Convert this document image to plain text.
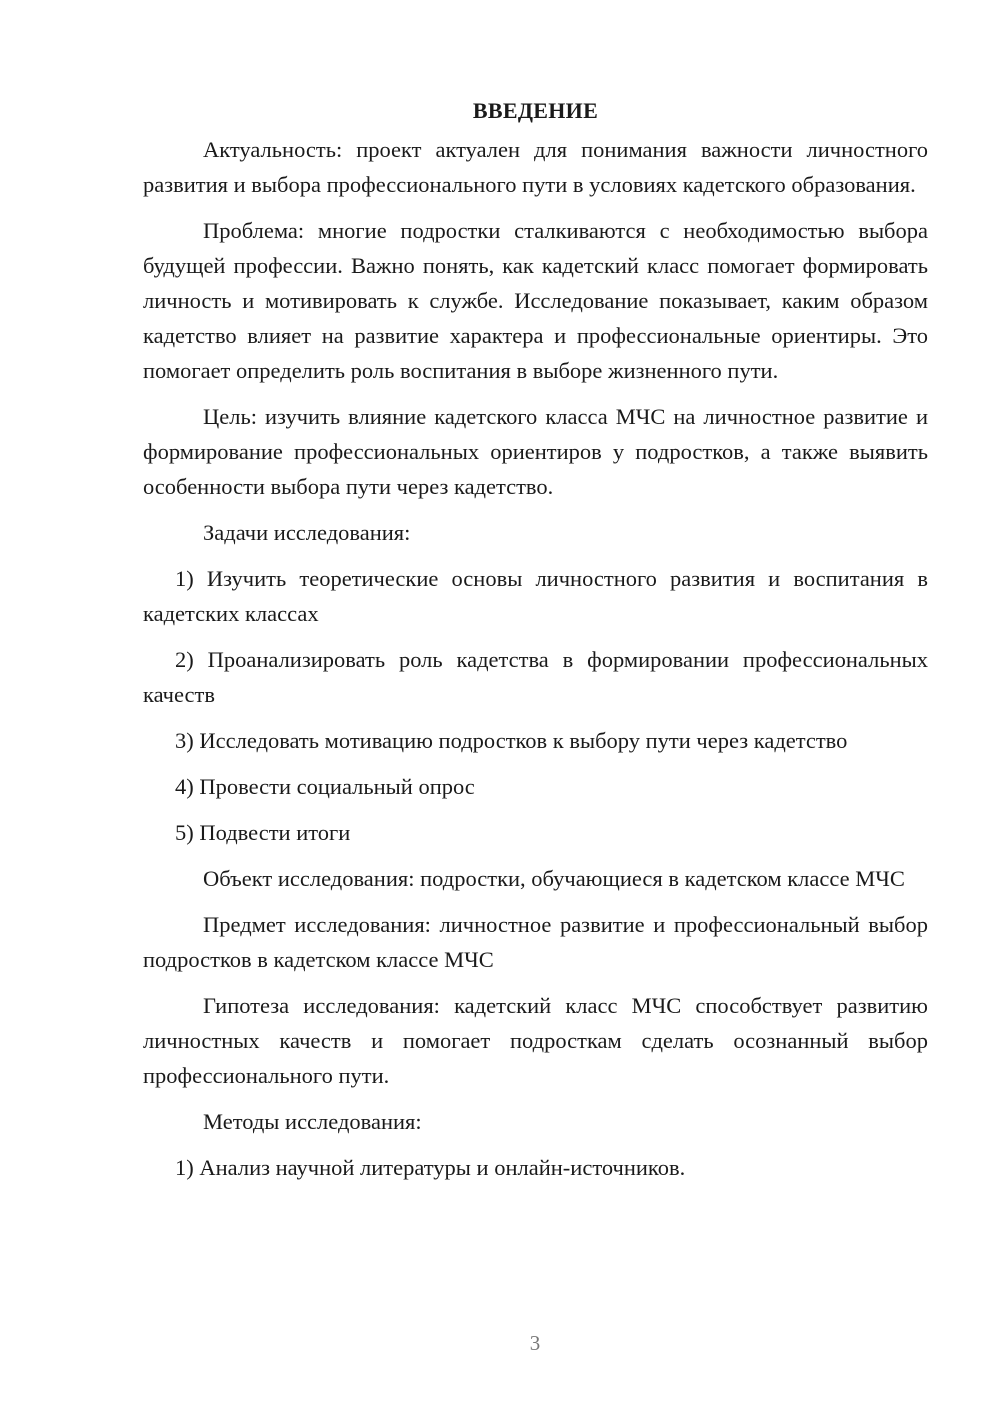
ВВЕДЕНИЕ

Актуальность: проект актуален для понимания важности личностного развития и выбора профессионального пути в условиях кадетского образования.

Проблема: многие подростки сталкиваются с необходимостью выбора будущей профессии. Важно понять, как кадетский класс помогает формировать личность и мотивировать к службе. Исследование показывает, каким образом кадетство влияет на развитие характера и профессиональные ориентиры. Это помогает определить роль воспитания в выборе жизненного пути.

Цель: изучить влияние кадетского класса МЧС на личностное развитие и формирование профессиональных ориентиров у подростков, а также выявить особенности выбора пути через кадетство.

Задачи исследования:

1) Изучить теоретические основы личностного развития и воспитания в кадетских классах

2) Проанализировать роль кадетства в формировании профессиональных качеств

3) Исследовать мотивацию подростков к выбору пути через кадетство

4) Провести социальный опрос

5) Подвести итоги

Объект исследования: подростки, обучающиеся в кадетском классе МЧС

Предмет исследования: личностное развитие и профессиональный выбор подростков в кадетском классе МЧС

Гипотеза исследования: кадетский класс МЧС способствует развитию личностных качеств и помогает подросткам сделать осознанный выбор профессионального пути.

Методы исследования:

1) Анализ научной литературы и онлайн-источников.

3
